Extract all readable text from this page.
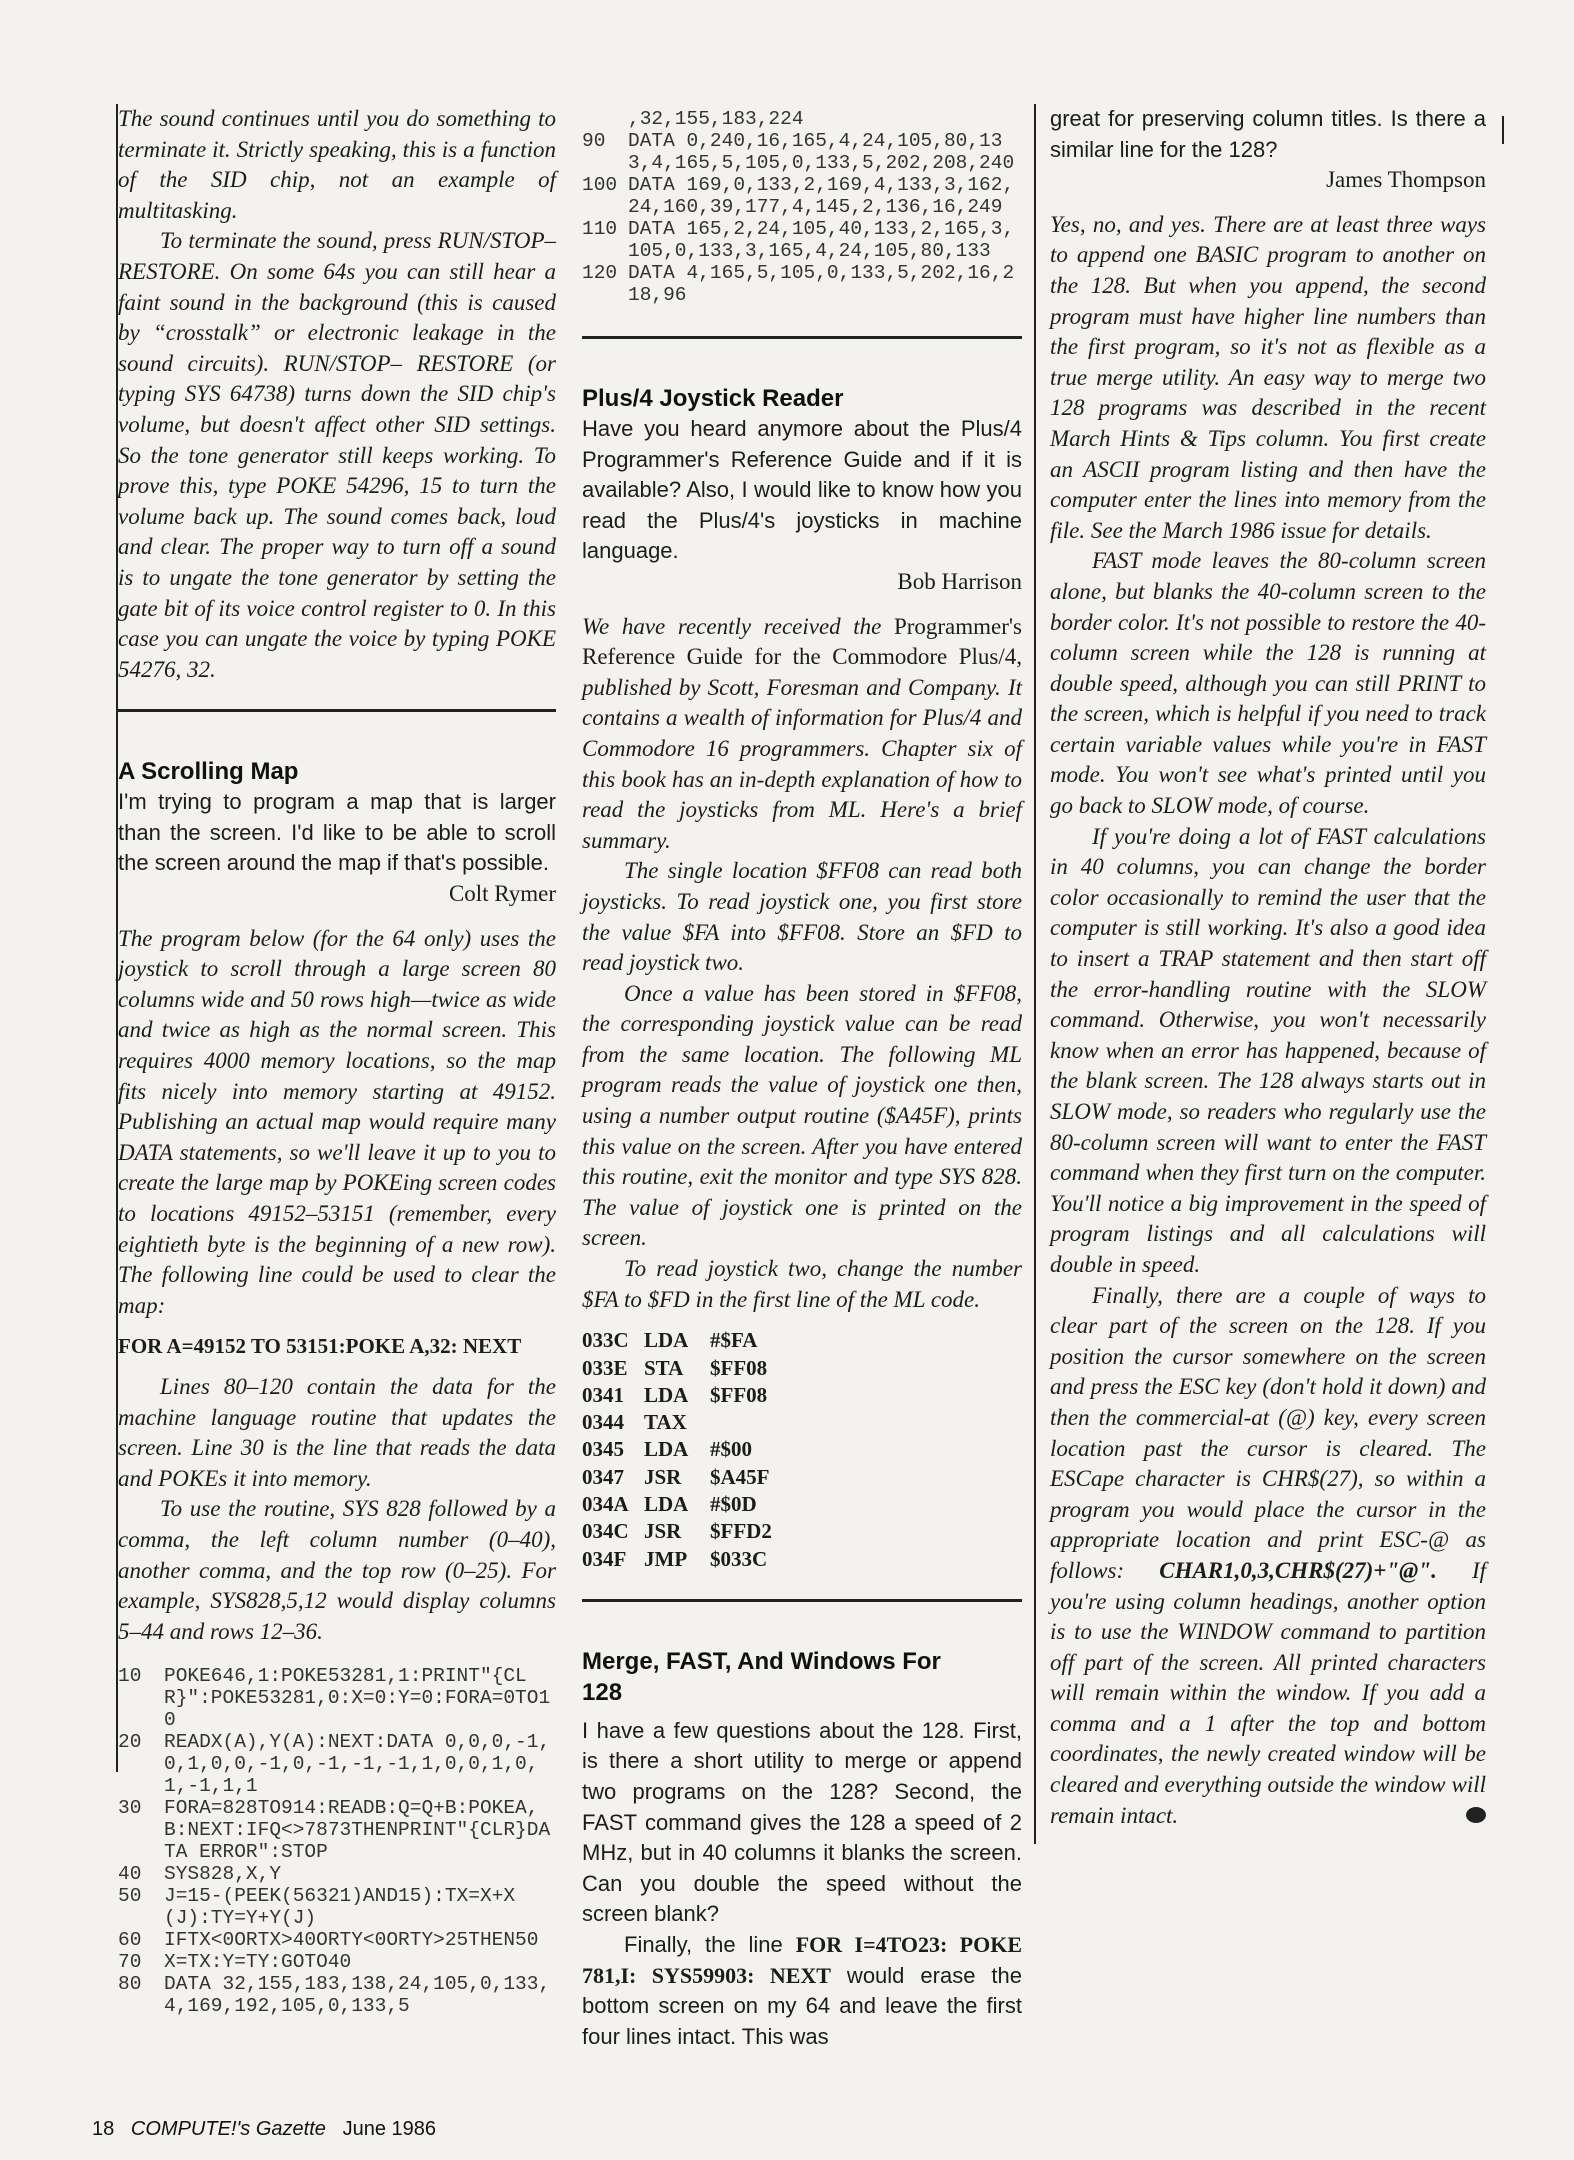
The sound continues until you do something to terminate it. Strictly speaking, this is a function of the SID chip, not an example of multitasking.

To terminate the sound, press RUN/STOP–RESTORE. On some 64s you can still hear a faint sound in the background (this is caused by “crosstalk” or electronic leakage in the sound circuits). RUN/STOP– RESTORE (or typing SYS 64738) turns down the SID chip's volume, but doesn't affect other SID settings. So the tone generator still keeps working. To prove this, type POKE 54296, 15 to turn the volume back up. The sound comes back, loud and clear. The proper way to turn off a sound is to ungate the tone generator by setting the gate bit of its voice control register to 0. In this case you can ungate the voice by typing POKE 54276, 32.

A Scrolling Map

I'm trying to program a map that is larger than the screen. I'd like to be able to scroll the screen around the map if that's possible.

Colt Rymer

The program below (for the 64 only) uses the joystick to scroll through a large screen 80 columns wide and 50 rows high—twice as wide and twice as high as the normal screen. This requires 4000 memory locations, so the map fits nicely into memory starting at 49152. Publishing an actual map would require many DATA statements, so we'll leave it up to you to create the large map by POKEing screen codes to locations 49152–53151 (remember, every eightieth byte is the beginning of a new row). The following line could be used to clear the map:

FOR A=49152 TO 53151:POKE A,32: NEXT

Lines 80–120 contain the data for the machine language routine that updates the screen. Line 30 is the line that reads the data and POKEs it into memory.

To use the routine, SYS 828 followed by a comma, the left column number (0–40), another comma, and the top row (0–25). For example, SYS828,5,12 would display columns 5–44 and rows 12–36.

10	POKE646,1:POKE53281,1:PRINT"{CLR}":POKE53281,0:X=0:Y=0:FORA=0TO10
20	READX(A),Y(A):NEXT:DATA 0,0,0,-1,0,1,0,0,-1,0,-1,-1,-1,1,0,0,1,0,1,-1,1,1
30	FORA=828TO914:READB:Q=Q+B:POKEA,B:NEXT:IFQ<>7873THENPRINT"{CLR}DATA ERROR":STOP
40	SYS828,X,Y
50	J=15-(PEEK(56321)AND15):TX=X+X(J):TY=Y+Y(J)
60	IFTX<0ORTX>40ORTY<0ORTY>25THEN50
70	X=TX:Y=TY:GOTO40
80	DATA 32,155,183,138,24,105,0,133,4,169,192,105,0,133,5
,32,155,183,224
90	DATA 0,240,16,165,4,24,105,80,133,4,165,5,105,0,133,5,202,208,240
100 DATA 169,0,133,2,169,4,133,3,162,24,160,39,177,4,145,2,136,16,249
110 DATA 165,2,24,105,40,133,2,165,3,105,0,133,3,165,4,24,105,80,133
120 DATA 4,165,5,105,0,133,5,202,16,218,96
Plus/4 Joystick Reader

Have you heard anymore about the Plus/4 Programmer's Reference Guide and if it is available? Also, I would like to know how you read the Plus/4's joysticks in machine language.

Bob Harrison

We have recently received the Programmer's Reference Guide for the Commodore Plus/4, published by Scott, Foresman and Company. It contains a wealth of information for Plus/4 and Commodore 16 programmers. Chapter six of this book has an in-depth explanation of how to read the joysticks from ML. Here's a brief summary.

The single location $FF08 can read both joysticks. To read joystick one, you first store the value $FA into $FF08. Store an $FD to read joystick two.

Once a value has been stored in $FF08, the corresponding joystick value can be read from the same location. The following ML program reads the value of joystick one then, using a number output routine ($A45F), prints this value on the screen. After you have entered this routine, exit the monitor and type SYS 828. The value of joystick one is printed on the screen.

To read joystick two, change the number $FA to $FD in the first line of the ML code.

033C LDA	#$FA
033E STA	$FF08
0341 LDA	$FF08
0344 TAX
0345 LDA	#$00
0347 JSR	$A45F
034A LDA	#$0D
034C JSR	$FFD2
034F JMP	$033C
Merge, FAST, And Windows For 128

I have a few questions about the 128. First, is there a short utility to merge or append two programs on the 128? Second, the FAST command gives the 128 a speed of 2 MHz, but in 40 columns it blanks the screen. Can you double the speed without the screen blank?

Finally, the line FOR I=4TO23: POKE 781,I: SYS59903: NEXT would erase the bottom screen on my 64 and leave the first four lines intact. This was

great for preserving column titles. Is there a similar line for the 128?

James Thompson

Yes, no, and yes. There are at least three ways to append one BASIC program to another on the 128. But when you append, the second program must have higher line numbers than the first program, so it's not as flexible as a true merge utility. An easy way to merge two 128 programs was described in the recent March Hints & Tips column. You first create an ASCII program listing and then have the computer enter the lines into memory from the file. See the March 1986 issue for details.

FAST mode leaves the 80-column screen alone, but blanks the 40-column screen to the border color. It's not possible to restore the 40-column screen while the 128 is running at double speed, although you can still PRINT to the screen, which is helpful if you need to track certain variable values while you're in FAST mode. You won't see what's printed until you go back to SLOW mode, of course.

If you're doing a lot of FAST calculations in 40 columns, you can change the border color occasionally to remind the user that the computer is still working. It's also a good idea to insert a TRAP statement and then start off the error-handling routine with the SLOW command. Otherwise, you won't necessarily know when an error has happened, because of the blank screen. The 128 always starts out in SLOW mode, so readers who regularly use the 80-column screen will want to enter the FAST command when they first turn on the computer. You'll notice a big improvement in the speed of program listings and all calculations will double in speed.

Finally, there are a couple of ways to clear part of the screen on the 128. If you position the cursor somewhere on the screen and press the ESC key (don't hold it down) and then the commercial-at (@) key, every screen location past the cursor is cleared. The ESCape character is CHR$(27), so within a program you would place the cursor in the appropriate location and print ESC-@ as follows: CHAR1,0,3,CHR$(27)+"@". If you're using column headings, another option is to use the WINDOW command to partition off part of the screen. All printed characters will remain within the window. If you add a comma and a 1 after the top and bottom coordinates, the newly created window will be cleared and everything outside the window will remain intact.

18 COMPUTE!'s Gazette June 1986
